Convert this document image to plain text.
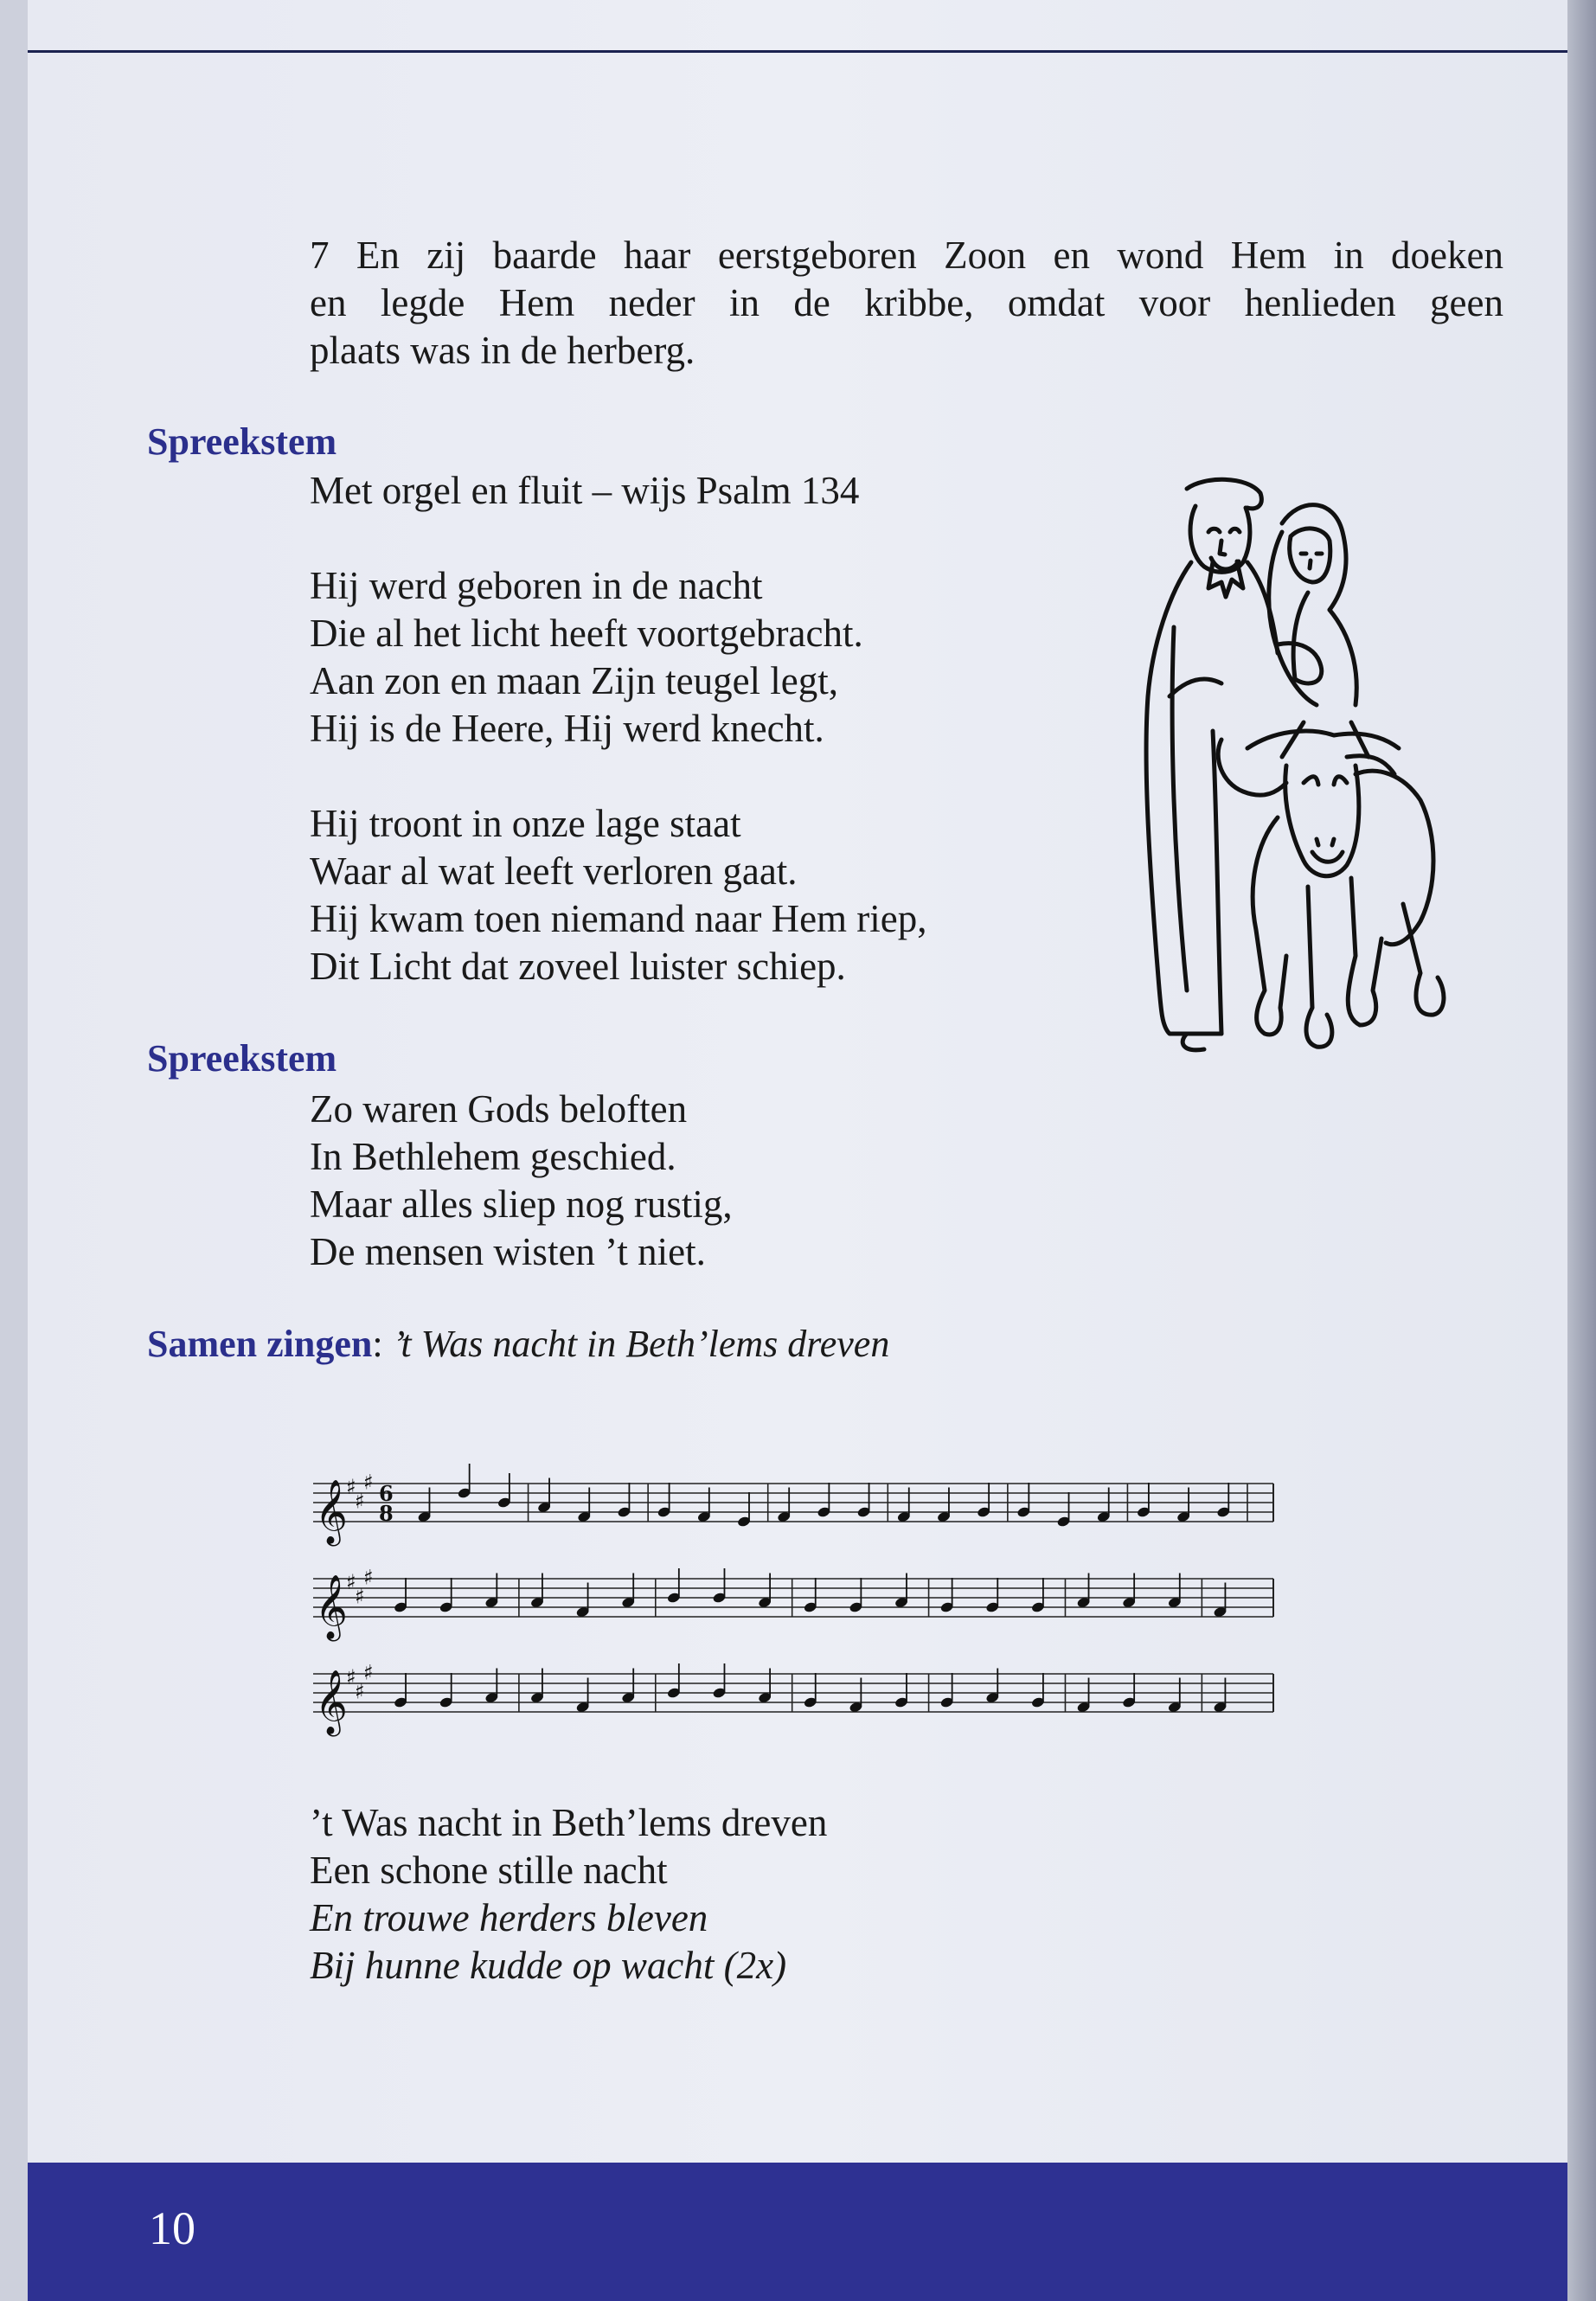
7 En zij baarde haar eerstgeboren Zoon en wond Hem in doeken
en legde Hem neder in de kribbe, omdat voor henlieden geen
plaats was in de herberg.
Spreekstem
Met orgel en fluit – wijs Psalm 134
Hij werd geboren in de nacht
Die al het licht heeft voortgebracht.
Aan zon en maan Zijn teugel legt,
Hij is de Heere, Hij werd knecht.
Hij troont in onze lage staat
Waar al wat leeft verloren gaat.
Hij kwam toen niemand naar Hem riep,
Dit Licht dat zoveel luister schiep.
Spreekstem
Zo waren Gods beloften
In Bethlehem geschied.
Maar alles sliep nog rustig,
De mensen wisten ’t niet.
Samen zingen: ’t Was nacht in Beth’lems dreven
𝄞
♯
♯
♯ 6
8
𝄞
♯
♯
♯
𝄞
♯
♯
♯
’t Was nacht in Beth’lems dreven
Een schone stille nacht
En trouwe herders bleven
Bij hunne kudde op wacht (2x)
10
